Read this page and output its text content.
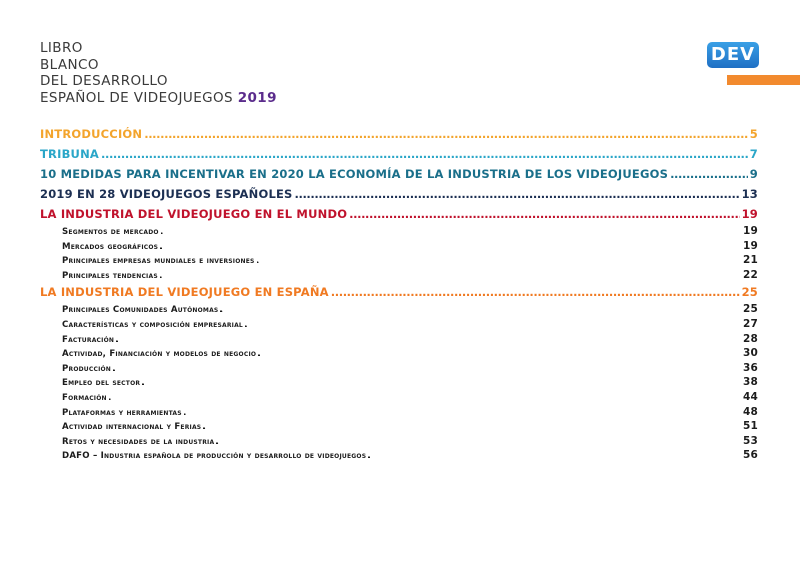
LIBRO
BLANCO
DEL DESARROLLO
ESPAÑOL DE VIDEOJUEGOS 2019
DEV
INTRODUCCIÓN . . .	5
TRIBUNA . . .	7
10 MEDIDAS PARA INCENTIVAR EN 2020 LA ECONOMÍA DE LA INDUSTRIA DE LOS VIDEOJUEGOS . . .	9
2019 EN 28 VIDEOJUEGOS ESPAÑOLES . . .	13
LA INDUSTRIA DEL VIDEOJUEGO EN EL MUNDO . . .	19
Segmentos de mercado . . .	19
Mercados geográficos . . .	19
Principales empresas mundiales e inversiones . . .	21
Principales tendencias . . .	22
LA INDUSTRIA DEL VIDEOJUEGO EN ESPAÑA . . .	25
Principales Comunidades Autónomas . . .	25
Características y composición empresarial . . .	27
Facturación . . .	28
Actividad, Financiación y modelos de negocio . . .	30
Producción . . .	36
Empleo del sector . . .	38
Formación . . .	44
Plataformas y herramientas . . .	48
Actividad internacional y Ferias . . .	51
Retos y necesidades de la industria . . .	53
DAFO – Industria española de producción y desarrollo de videojuegos . . .	56
